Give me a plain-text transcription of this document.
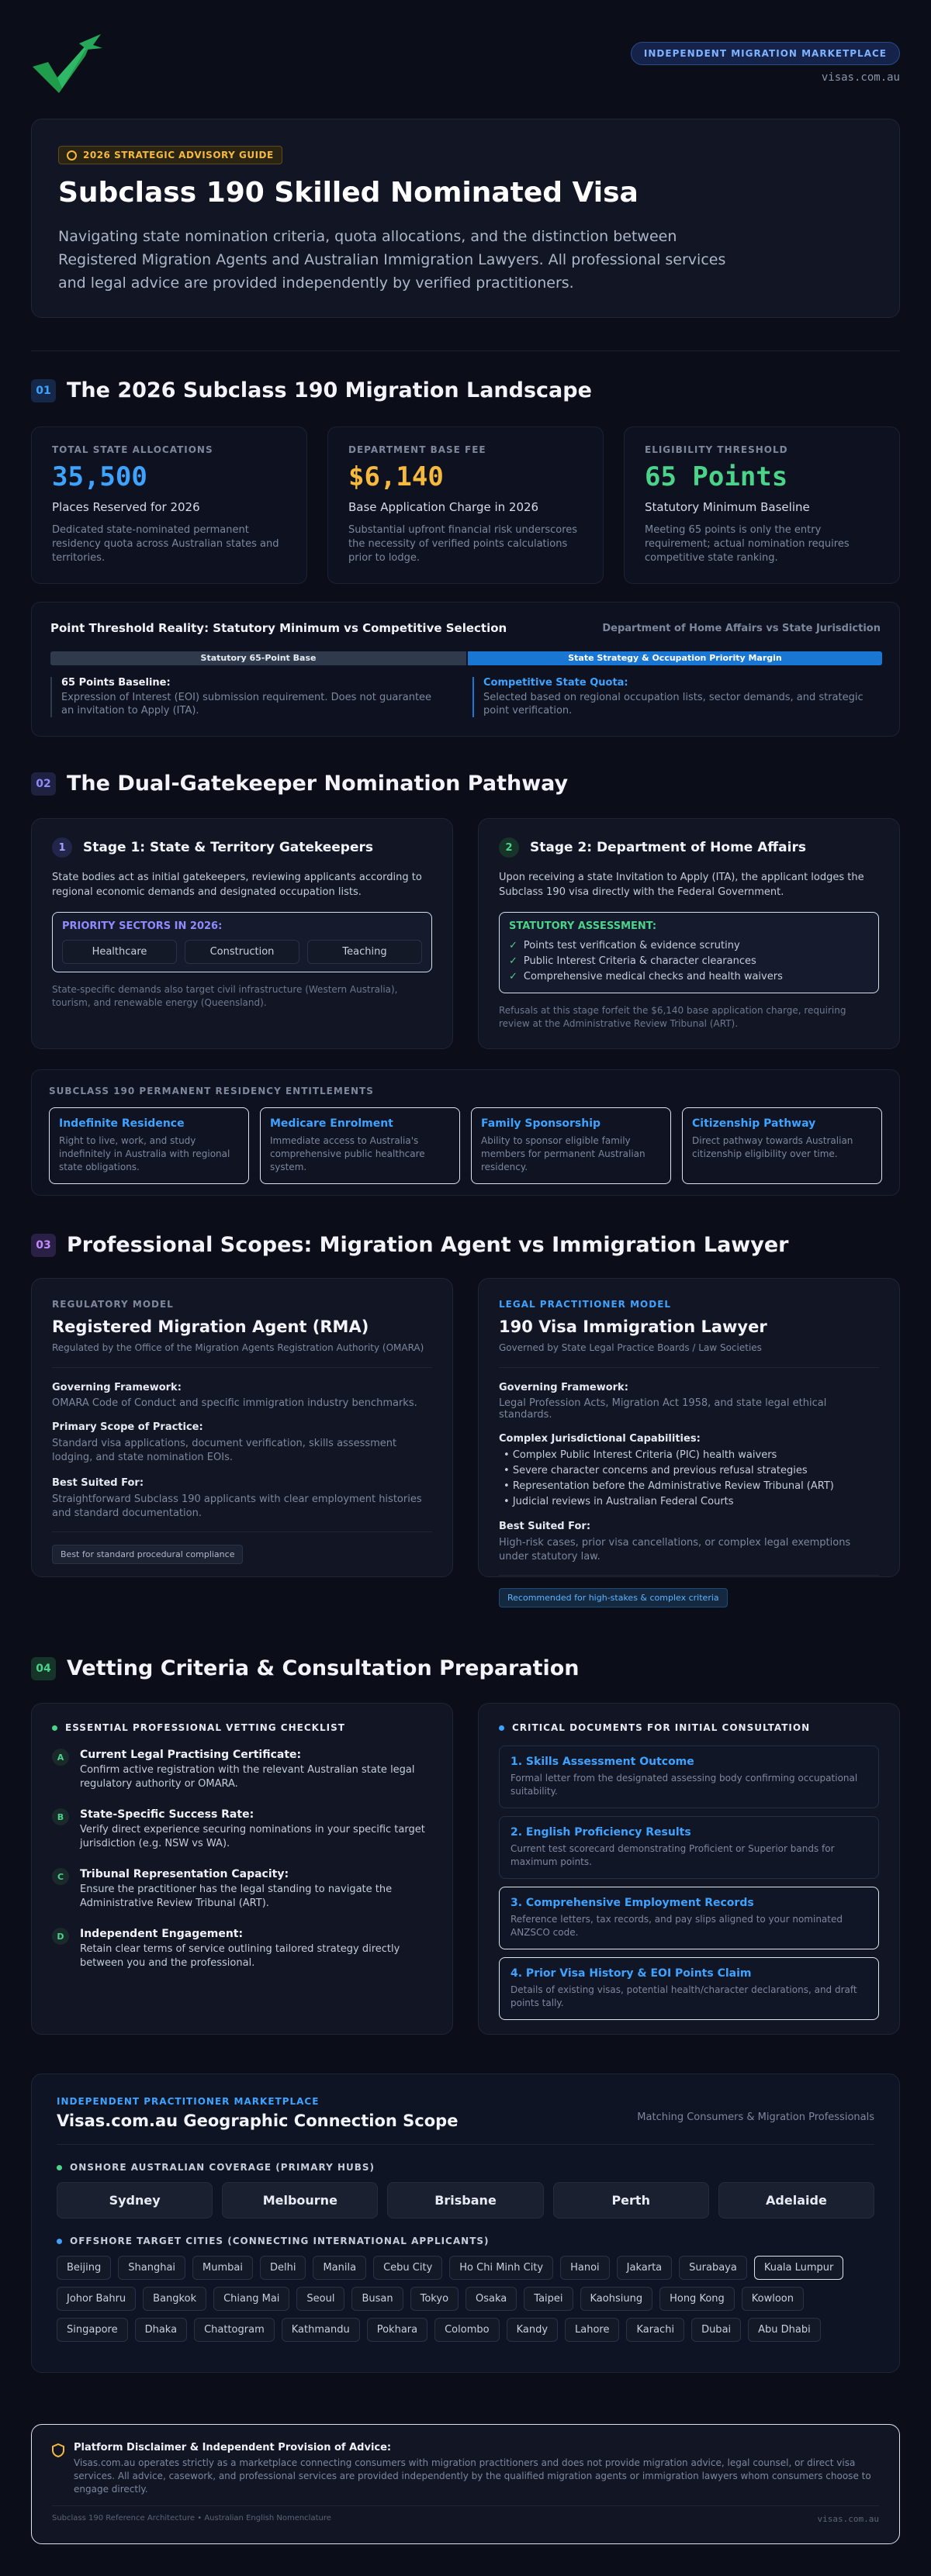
INDEPENDENT MIGRATION MARKETPLACE
visas.com.au
2026 STRATEGIC ADVISORY GUIDE
Subclass 190 Skilled Nominated Visa
Navigating state nomination criteria, quota allocations, and the distinction between Registered Migration Agents and Australian Immigration Lawyers. All professional services and legal advice are provided independently by verified practitioners.
01 The 2026 Subclass 190 Migration Landscape
TOTAL STATE ALLOCATIONS
35,500
Places Reserved for 2026
Dedicated state-nominated permanent residency quota across Australian states and territories.
DEPARTMENT BASE FEE
$6,140
Base Application Charge in 2026
Substantial upfront financial risk underscores the necessity of verified points calculations prior to lodge.
ELIGIBILITY THRESHOLD
65 Points
Statutory Minimum Baseline
Meeting 65 points is only the entry requirement; actual nomination requires competitive state ranking.
Point Threshold Reality: Statutory Minimum vs Competitive Selection	Department of Home Affairs vs State Jurisdiction
Statutory 65-Point Base	State Strategy & Occupation Priority Margin
65 Points Baseline:
Expression of Interest (EOI) submission requirement. Does not guarantee an invitation to Apply (ITA).
Competitive State Quota:
Selected based on regional occupation lists, sector demands, and strategic point verification.
02 The Dual-Gatekeeper Nomination Pathway
1	Stage 1: State & Territory Gatekeepers
State bodies act as initial gatekeepers, reviewing applicants according to regional economic demands and designated occupation lists.
PRIORITY SECTORS IN 2026:
Healthcare	Construction	Teaching
State-specific demands also target civil infrastructure (Western Australia), tourism, and renewable energy (Queensland).
2	Stage 2: Department of Home Affairs
Upon receiving a state Invitation to Apply (ITA), the applicant lodges the Subclass 190 visa directly with the Federal Government.
STATUTORY ASSESSMENT:
✓ Points test verification & evidence scrutiny
✓ Public Interest Criteria & character clearances
✓ Comprehensive medical checks and health waivers
Refusals at this stage forfeit the $6,140 base application charge, requiring review at the Administrative Review Tribunal (ART).
SUBCLASS 190 PERMANENT RESIDENCY ENTITLEMENTS
Indefinite Residence
Right to live, work, and study indefinitely in Australia with regional state obligations.
Medicare Enrolment
Immediate access to Australia's comprehensive public healthcare system.
Family Sponsorship
Ability to sponsor eligible family members for permanent Australian residency.
Citizenship Pathway
Direct pathway towards Australian citizenship eligibility over time.
03 Professional Scopes: Migration Agent vs Immigration Lawyer
REGULATORY MODEL
Registered Migration Agent (RMA)
Regulated by the Office of the Migration Agents Registration Authority (OMARA)
Governing Framework:
OMARA Code of Conduct and specific immigration industry benchmarks.
Primary Scope of Practice:
Standard visa applications, document verification, skills assessment lodging, and state nomination EOIs.
Best Suited For:
Straightforward Subclass 190 applicants with clear employment histories and standard documentation.
Best for standard procedural compliance
LEGAL PRACTITIONER MODEL
190 Visa Immigration Lawyer
Governed by State Legal Practice Boards / Law Societies
Governing Framework:
Legal Profession Acts, Migration Act 1958, and state legal ethical standards.
Complex Jurisdictional Capabilities:
• Complex Public Interest Criteria (PIC) health waivers
• Severe character concerns and previous refusal strategies
• Representation before the Administrative Review Tribunal (ART)
• Judicial reviews in Australian Federal Courts
Best Suited For:
High-risk cases, prior visa cancellations, or complex legal exemptions under statutory law.
Recommended for high-stakes & complex criteria
04 Vetting Criteria & Consultation Preparation
ESSENTIAL PROFESSIONAL VETTING CHECKLIST
A	Current Legal Practising Certificate:
Confirm active registration with the relevant Australian state legal regulatory authority or OMARA.
B	State-Specific Success Rate:
Verify direct experience securing nominations in your specific target jurisdiction (e.g. NSW vs WA).
C	Tribunal Representation Capacity:
Ensure the practitioner has the legal standing to navigate the Administrative Review Tribunal (ART).
D	Independent Engagement:
Retain clear terms of service outlining tailored strategy directly between you and the professional.
CRITICAL DOCUMENTS FOR INITIAL CONSULTATION
1. Skills Assessment Outcome
Formal letter from the designated assessing body confirming occupational suitability.
2. English Proficiency Results
Current test scorecard demonstrating Proficient or Superior bands for maximum points.
3. Comprehensive Employment Records
Reference letters, tax records, and pay slips aligned to your nominated ANZSCO code.
4. Prior Visa History & EOI Points Claim
Details of existing visas, potential health/character declarations, and draft points tally.
INDEPENDENT PRACTITIONER MARKETPLACE
Visas.com.au Geographic Connection Scope	Matching Consumers & Migration Professionals
ONSHORE AUSTRALIAN COVERAGE (PRIMARY HUBS)
Sydney	Melbourne	Brisbane	Perth	Adelaide
OFFSHORE TARGET CITIES (CONNECTING INTERNATIONAL APPLICANTS)
Beijing	Shanghai	Mumbai	Delhi	Manila	Cebu City	Ho Chi Minh City	Hanoi	Jakarta	Surabaya	Kuala Lumpur
Johor Bahru	Bangkok	Chiang Mai	Seoul	Busan	Tokyo	Osaka	Taipei	Kaohsiung	Hong Kong	Kowloon
Singapore	Dhaka	Chattogram	Kathmandu	Pokhara	Colombo	Kandy	Lahore	Karachi	Dubai	Abu Dhabi
Platform Disclaimer & Independent Provision of Advice:
Visas.com.au operates strictly as a marketplace connecting consumers with migration practitioners and does not provide migration advice, legal counsel, or direct visa services. All advice, casework, and professional services are provided independently by the qualified migration agents or immigration lawyers whom consumers choose to engage directly.
Subclass 190 Reference Architecture • Australian English Nomenclature	visas.com.au
